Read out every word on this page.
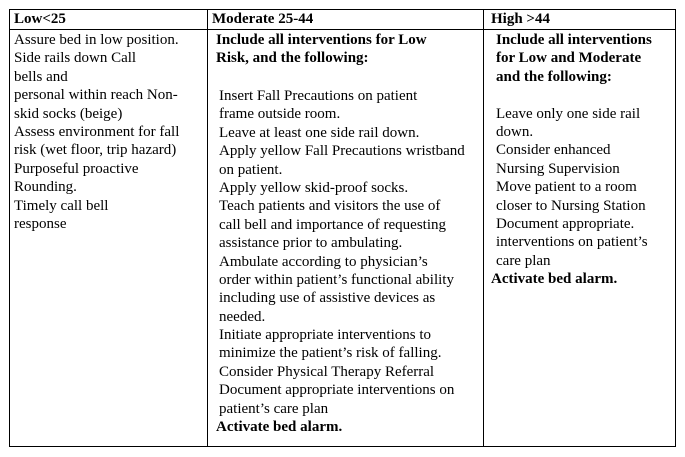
Low<25	Moderate 25-44	High >44
Assure bed in low position.
Side rails down Call
bells and
personal within reach Non-
skid socks (beige)
Assess environment for fall
risk (wet floor, trip hazard)
Purposeful proactive
Rounding.
Timely call bell
response
Include all interventions for Low
Risk, and the following:
Insert Fall Precautions on patient
frame outside room.
Leave at least one side rail down.
Apply yellow Fall Precautions wristband
on patient.
Apply yellow skid-proof socks.
Teach patients and visitors the use of
call bell and importance of requesting
assistance prior to ambulating.
Ambulate according to physician’s
order within patient’s functional ability
including use of assistive devices as
needed.
Initiate appropriate interventions to
minimize the patient’s risk of falling.
Consider Physical Therapy Referral
Document appropriate interventions on
patient’s care plan
Activate bed alarm.
Include all interventions
for Low and Moderate
and the following:
Leave only one side rail
down.
Consider enhanced
Nursing Supervision
Move patient to a room
closer to Nursing Station
Document appropriate.
interventions on patient’s
care plan
Activate bed alarm.
